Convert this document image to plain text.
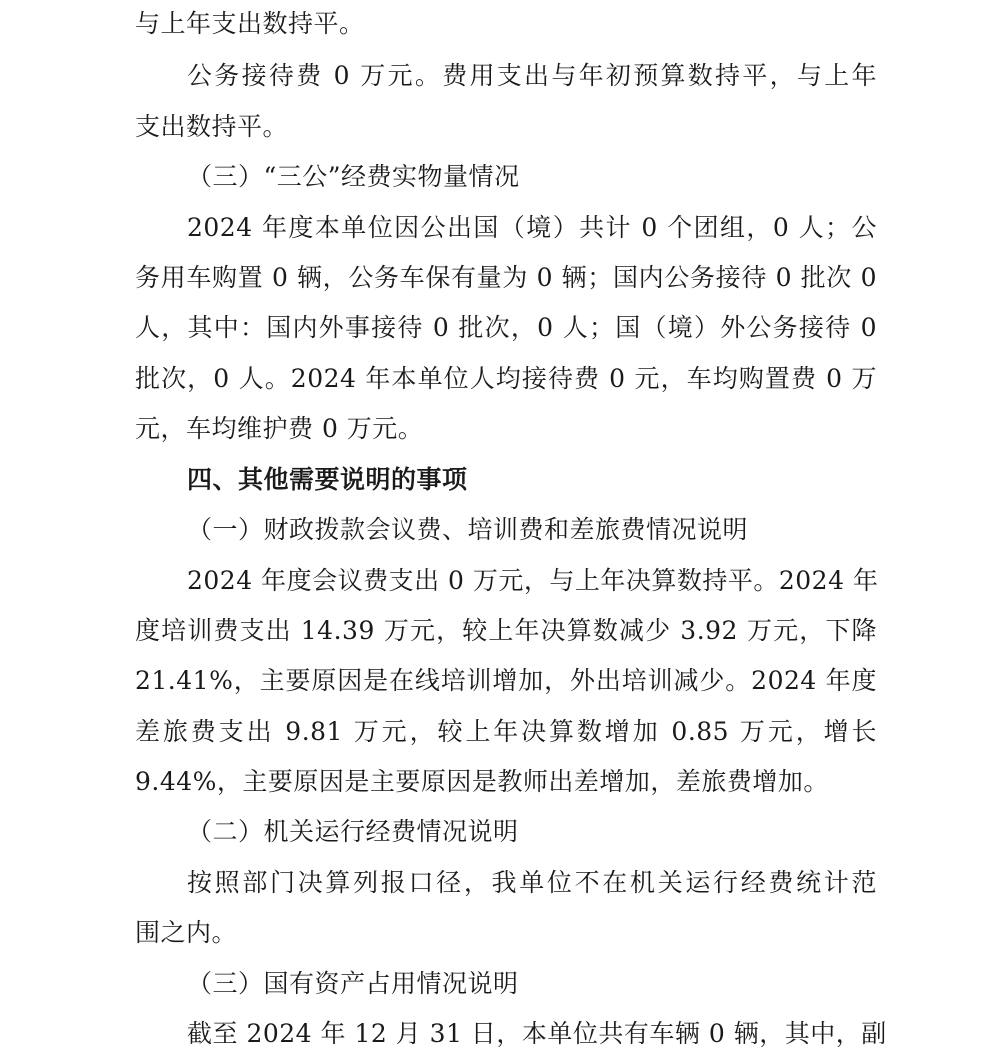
与上年支出数持平。
公务接待费 0 万元。费用支出与年初预算数持平，与上年
支出数持平。
（三）“三公”经费实物量情况
2024 年度本单位因公出国（境）共计 0 个团组，0 人；公
务用车购置 0 辆，公务车保有量为 0 辆；国内公务接待 0 批次 0
人，其中：国内外事接待 0 批次，0 人；国（境）外公务接待 0
批次，0 人。2024 年本单位人均接待费 0 元，车均购置费 0 万
元，车均维护费 0 万元。
四、其他需要说明的事项
（一）财政拨款会议费、培训费和差旅费情况说明
2024 年度会议费支出 0 万元，与上年决算数持平。2024 年
度培训费支出 14.39 万元，较上年决算数减少 3.92 万元，下降
21.41%，主要原因是在线培训增加，外出培训减少。2024 年度
差旅费支出 9.81 万元，较上年决算数增加 0.85 万元，增长
9.44%，主要原因是主要原因是教师出差增加，差旅费增加。
（二）机关运行经费情况说明
按照部门决算列报口径，我单位不在机关运行经费统计范
围之内。
（三）国有资产占用情况说明
截至 2024 年 12 月 31 日，本单位共有车辆 0 辆，其中，副
